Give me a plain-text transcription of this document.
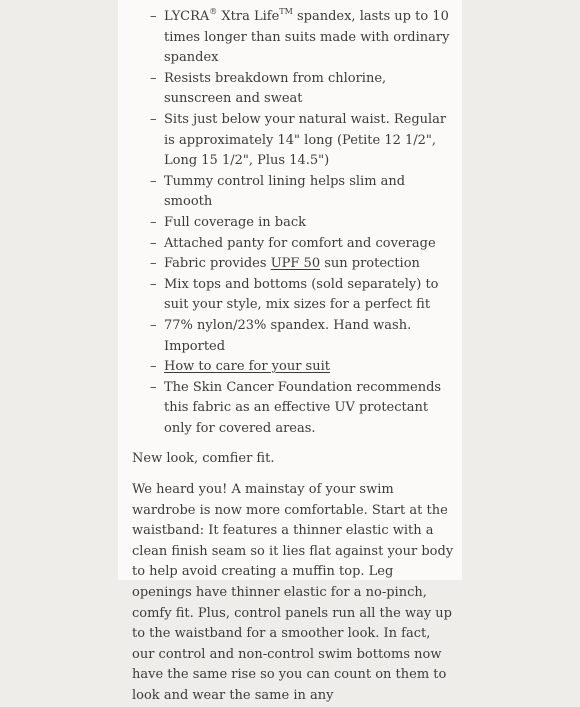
– LYCRA® Xtra Life™ spandex, lasts up to 10 times longer than suits made with ordinary spandex
– Resists breakdown from chlorine, sunscreen and sweat
– Sits just below your natural waist. Regular is approximately 14" long (Petite 12 1/2", Long 15 1/2", Plus 14.5")
– Tummy control lining helps slim and smooth
– Full coverage in back
– Attached panty for comfort and coverage
– Fabric provides UPF 50 sun protection
– Mix tops and bottoms (sold separately) to suit your style, mix sizes for a perfect fit
– 77% nylon/23% spandex. Hand wash. Imported
– How to care for your suit
– The Skin Cancer Foundation recommends this fabric as an effective UV protectant only for covered areas.

New look, comfier fit.

We heard you! A mainstay of your swim wardrobe is now more comfortable. Start at the waistband: It features a thinner elastic with a clean finish seam so it lies flat against your body to help avoid creating a muffin top. Leg openings have thinner elastic for a no-pinch, comfy fit. Plus, control panels run all the way up to the waistband for a smoother look. In fact, our control and non-control swim bottoms now have the same rise so you can count on them to look and wear the same in any
